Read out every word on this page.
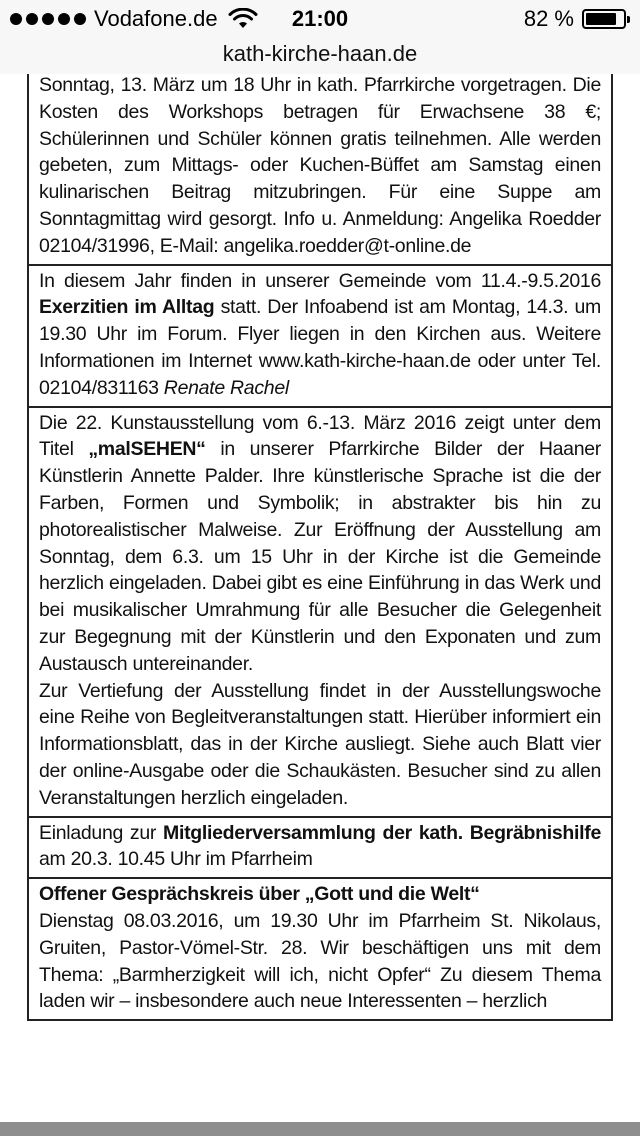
Vodafone.de	21:00	82 %
kath-kirche-haan.de

Sonntag, 13. März um 18 Uhr in kath. Pfarrkirche vorgetragen. Die Kosten des Workshops betragen für Erwachsene 38 €; Schülerinnen und Schüler können gratis teilnehmen. Alle werden gebeten, zum Mittags- oder Kuchen-Büffet am Samstag einen kulinarischen Beitrag mitzubringen. Für eine Suppe am Sonntagmittag wird gesorgt. Info u. Anmeldung: Angelika Roedder 02104/31996, E-Mail: angelika.roedder@t-online.de

In diesem Jahr finden in unserer Gemeinde vom 11.4.-9.5.2016 Exerzitien im Alltag statt. Der Infoabend ist am Montag, 14.3. um 19.30 Uhr im Forum. Flyer liegen in den Kirchen aus. Weitere Informationen im Internet www.kath-kirche-haan.de oder unter Tel. 02104/831163 Renate Rachel

Die 22. Kunstausstellung vom 6.-13. März 2016 zeigt unter dem Titel „malSEHEN“ in unserer Pfarrkirche Bilder der Haaner Künstlerin Annette Palder. Ihre künstlerische Sprache ist die der Farben, Formen und Symbolik; in abstrakter bis hin zu photorealistischer Malweise. Zur Eröffnung der Ausstellung am Sonntag, dem 6.3. um 15 Uhr in der Kirche ist die Gemeinde herzlich eingeladen. Dabei gibt es eine Einführung in das Werk und bei musikalischer Umrahmung für alle Besucher die Gelegenheit zur Begegnung mit der Künstlerin und den Exponaten und zum Austausch untereinander.

Zur Vertiefung der Ausstellung findet in der Ausstellungswoche eine Reihe von Begleitveranstaltungen statt. Hierüber informiert ein Informationsblatt, das in der Kirche ausliegt. Siehe auch Blatt vier der online-Ausgabe oder die Schaukästen. Besucher sind zu allen Veranstaltungen herzlich eingeladen.

Einladung zur Mitgliederversammlung der kath. Begräbnishilfe am 20.3. 10.45 Uhr im Pfarrheim

Offener Gesprächskreis über „Gott und die Welt“

Dienstag 08.03.2016, um 19.30 Uhr im Pfarrheim St. Nikolaus, Gruiten, Pastor-Vömel-Str. 28. Wir beschäftigen uns mit dem Thema: „Barmherzigkeit will ich, nicht Opfer“ Zu diesem Thema laden wir – insbesondere auch neue Interessenten – herzlich
